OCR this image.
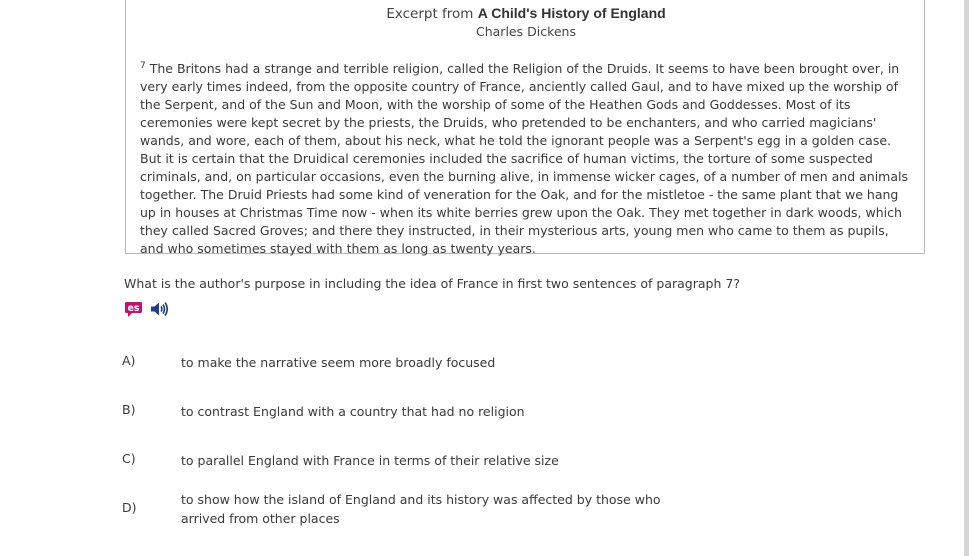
Excerpt from A Child's History of England
Charles Dickens

$^7$ The Britons had a strange and terrible religion, called the Religion of the Druids. It seems to have been brought over, in very early times indeed, from the opposite country of France, anciently called Gaul, and to have mixed up the worship of the Serpent, and of the Sun and Moon, with the worship of some of the Heathen Gods and Goddesses. Most of its ceremonies were kept secret by the priests, the Druids, who pretended to be enchanters, and who carried magicians' wands, and wore, each of them, about his neck, what he told the ignorant people was a Serpent's egg in a golden case. But it is certain that the Druidical ceremonies included the sacrifice of human victims, the torture of some suspected criminals, and, on particular occasions, even the burning alive, in immense wicker cages, of a number of men and animals together. The Druid Priests had some kind of veneration for the Oak, and for the mistletoe - the same plant that we hang up in houses at Christmas Time now - when its white berries grew upon the Oak. They met together in dark woods, which they called Sacred Groves; and there they instructed, in their mysterious arts, young men who came to them as pupils, and who sometimes stayed with them as long as twenty years.

What is the author's purpose in including the idea of France in first two sentences of paragraph 7?
es
A)	to make the narrative seem more broadly focused
B)	to contrast England with a country that had no religion
C)	to parallel England with France in terms of their relative size
D)
to show how the island of England and its history was affected by those who arrived from other places
